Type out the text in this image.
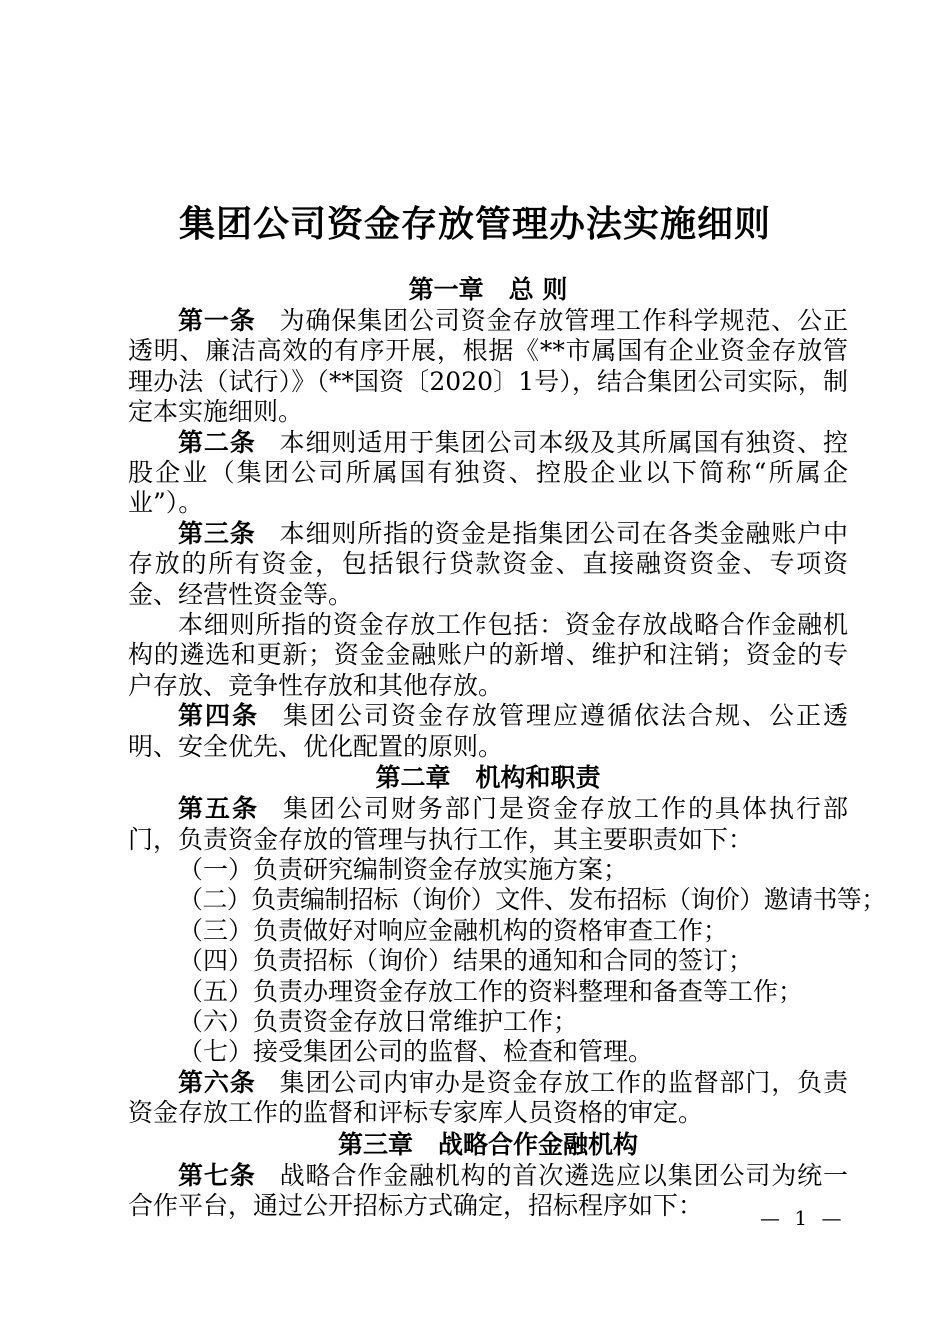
集团公司资金存放管理办法实施细则

第一章　总 则

第一条 为确保集团公司资金存放管理工作科学规范、公正透明、廉洁高效的有序开展，根据《**市属国有企业资金存放管理办法（试行）》（**国资〔2020〕1号），结合集团公司实际，制定本实施细则。

第二条 本细则适用于集团公司本级及其所属国有独资、控股企业（集团公司所属国有独资、控股企业以下简称“所属企业”）。

第三条 本细则所指的资金是指集团公司在各类金融账户中存放的所有资金，包括银行贷款资金、直接融资资金、专项资金、经营性资金等。

本细则所指的资金存放工作包括：资金存放战略合作金融机构的遴选和更新；资金金融账户的新增、维护和注销；资金的专户存放、竞争性存放和其他存放。

第四条 集团公司资金存放管理应遵循依法合规、公正透明、安全优先、优化配置的原则。

第二章　机构和职责

第五条 集团公司财务部门是资金存放工作的具体执行部门，负责资金存放的管理与执行工作，其主要职责如下：

（一）负责研究编制资金存放实施方案；

（二）负责编制招标（询价）文件、发布招标（询价）邀请书等；

（三）负责做好对响应金融机构的资格审查工作；

（四）负责招标（询价）结果的通知和合同的签订；

（五）负责办理资金存放工作的资料整理和备查等工作；

（六）负责资金存放日常维护工作；

（七）接受集团公司的监督、检查和管理。

第六条 集团公司内审办是资金存放工作的监督部门，负责资金存放工作的监督和评标专家库人员资格的审定。

第三章　战略合作金融机构

第七条 战略合作金融机构的首次遴选应以集团公司为统一合作平台，通过公开招标方式确定，招标程序如下：	— 1 —
